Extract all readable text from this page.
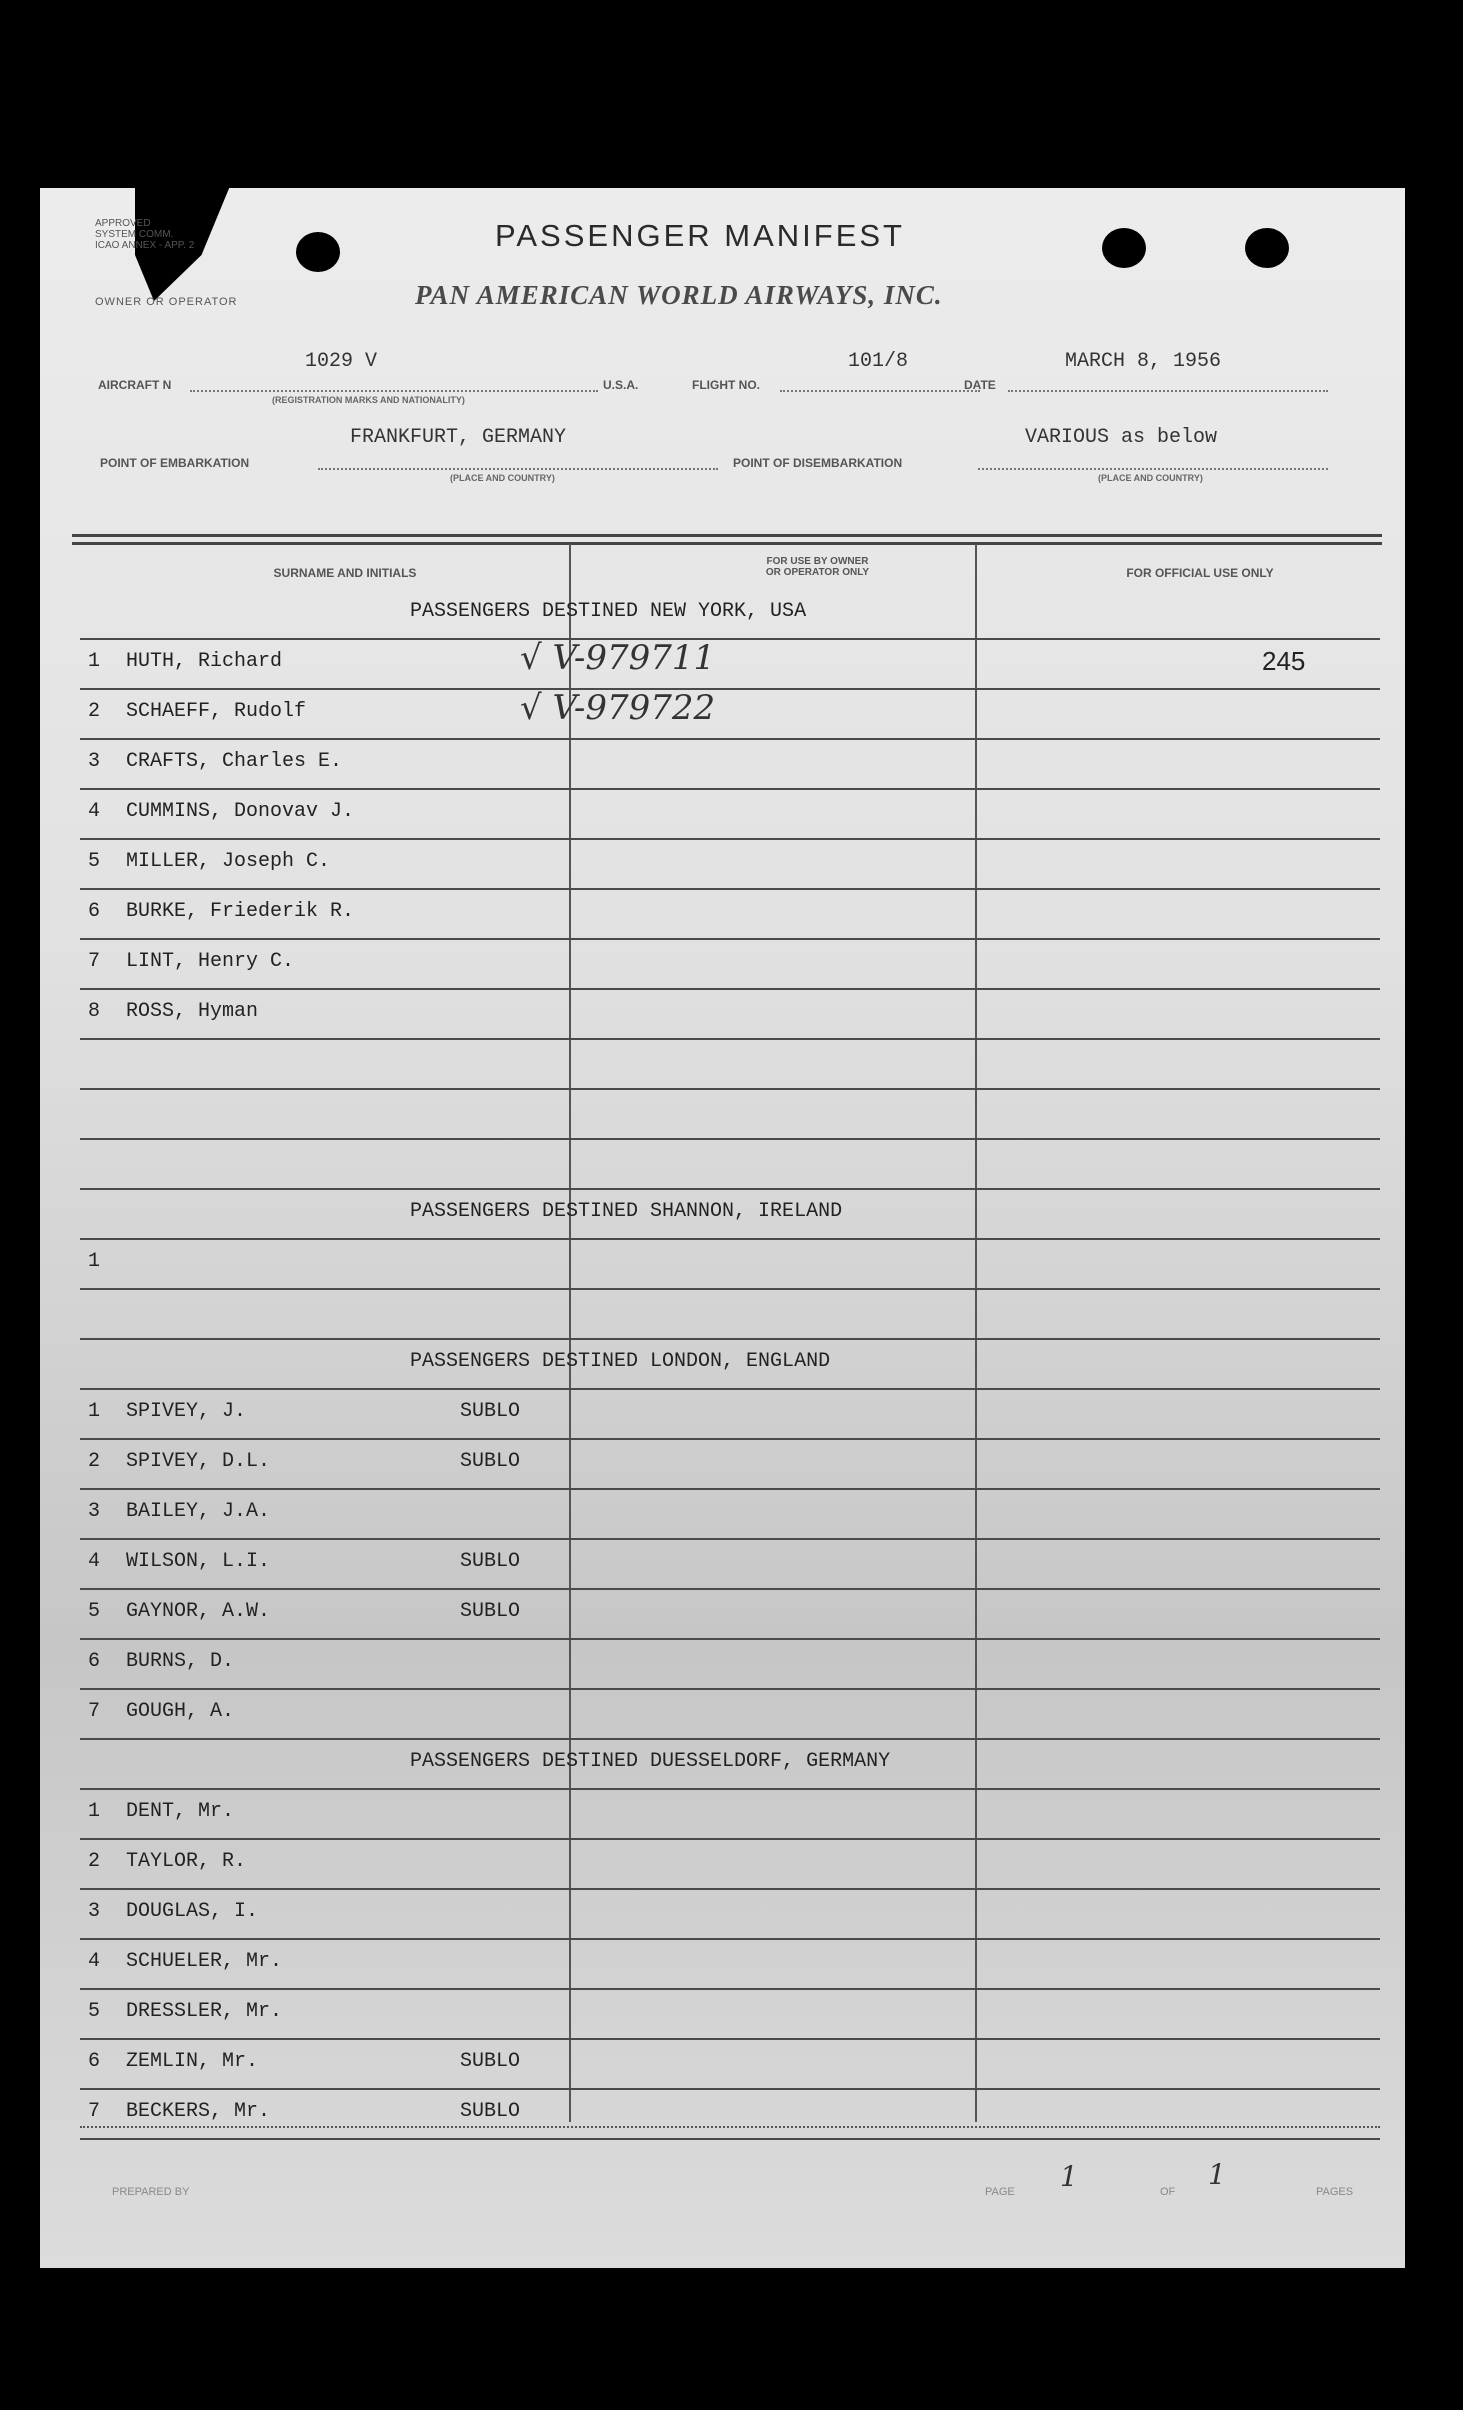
APPROVED
SYSTEM COMM.
ICAO ANNEX - APP. 2
OWNER OR OPERATOR
PASSENGER MANIFEST
PAN AMERICAN WORLD AIRWAYS, INC.
AIRCRAFT N
1029 V
(REGISTRATION MARKS AND NATIONALITY)
U.S.A.	FLIGHT NO.
101/8
DATE
MARCH 8, 1956
POINT OF EMBARKATION
FRANKFURT, GERMANY
(PLACE AND COUNTRY)
POINT OF DISEMBARKATION
VARIOUS as below
(PLACE AND COUNTRY)
SURNAME AND INITIALS
FOR USE BY OWNER
OR OPERATOR ONLY	FOR OFFICIAL USE ONLY
PASSENGERS DESTINED NEW YORK, USA
1 HUTH, Richard	√ V-979711	245
2 SCHAEFF, Rudolf	√ V-979722
3 CRAFTS, Charles E.
4 CUMMINS, Donovav J.
5 MILLER, Joseph C.
6 BURKE, Friederik R.
7 LINT, Henry C.
8 ROSS, Hyman
PASSENGERS DESTINED SHANNON, IRELAND
1
PASSENGERS DESTINED LONDON, ENGLAND
1 SPIVEY, J.	SUBLO
2 SPIVEY, D.L.	SUBLO
3 BAILEY, J.A.
4 WILSON, L.I.	SUBLO
5 GAYNOR, A.W.	SUBLO
6 BURNS, D.
7 GOUGH, A.
PASSENGERS DESTINED DUESSELDORF, GERMANY
1 DENT, Mr.
2 TAYLOR, R.
3 DOUGLAS, I.
4 SCHUELER, Mr.
5 DRESSLER, Mr.
6 ZEMLIN, Mr.	SUBLO
7 BECKERS, Mr.	SUBLO
PREPARED BY	PAGE 1	OF
1
PAGES
